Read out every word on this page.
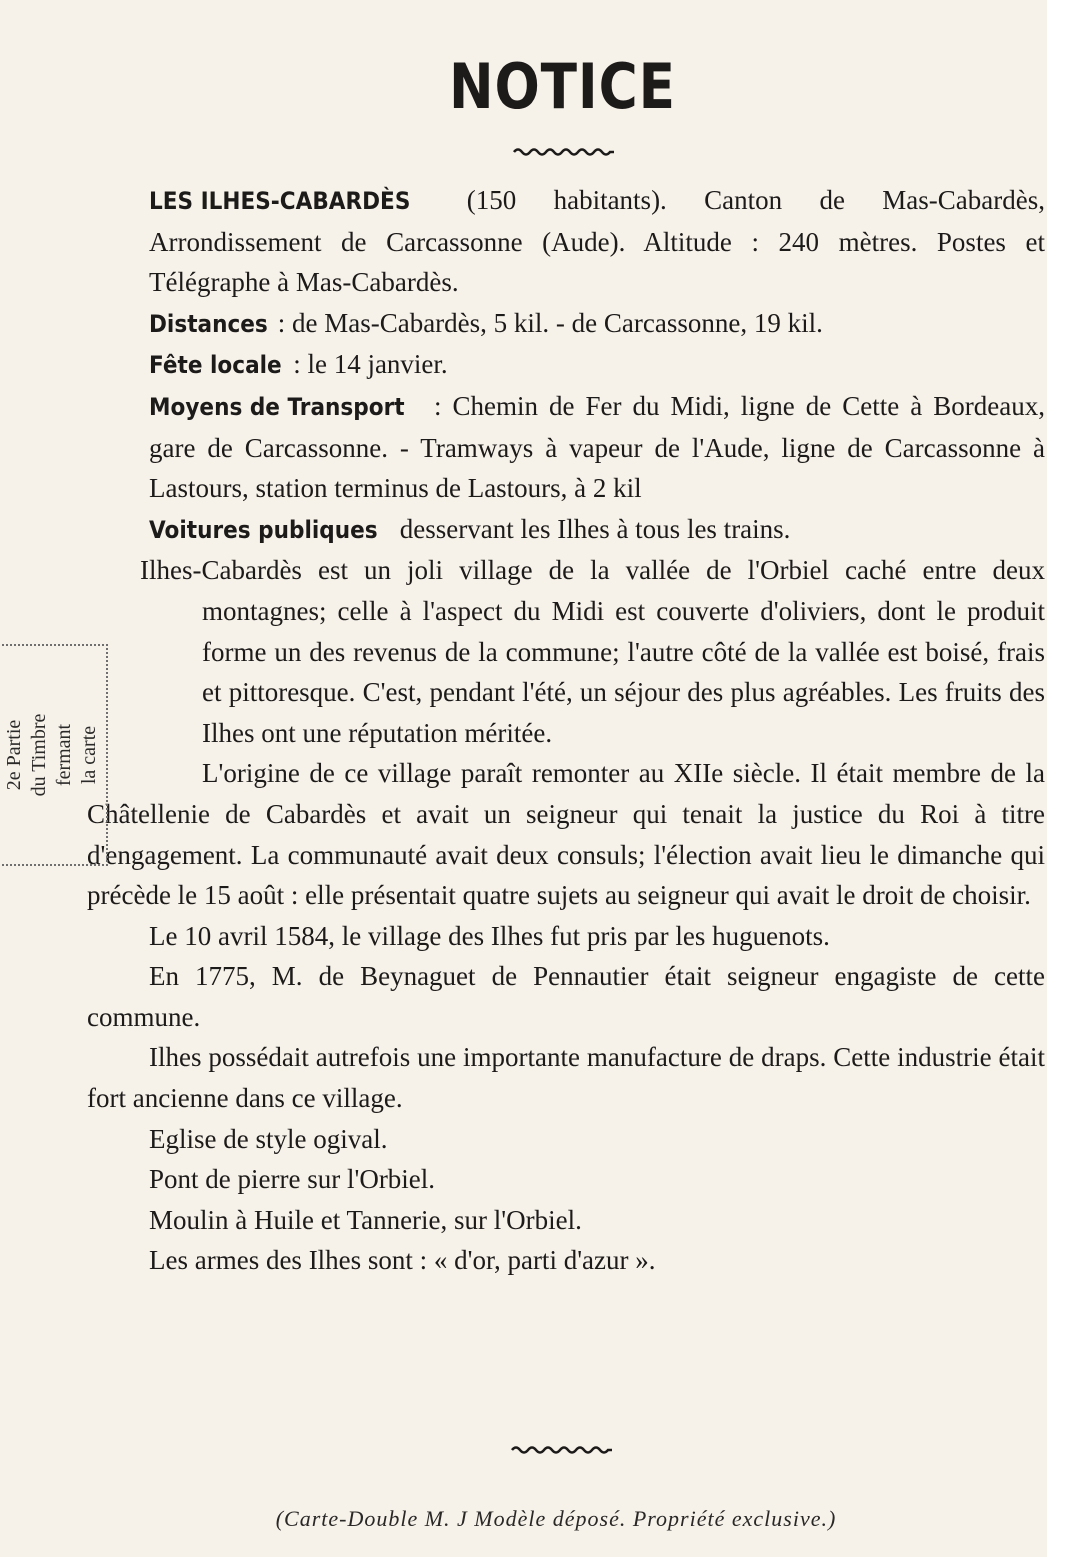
NOTICE

LES ILHES-CABARDÈS (150 habitants). Canton de Mas-Cabardès, Arrondissement de Carcassonne (Aude). Altitude : 240 mètres. Postes et Télégraphe à Mas-Cabardès.

Distances : de Mas-Cabardès, 5 kil. - de Carcassonne, 19 kil.

Fête locale : le 14 janvier.

Moyens de Transport : Chemin de Fer du Midi, ligne de Cette à Bordeaux, gare de Carcassonne. - Tramways à vapeur de l'Aude, ligne de Carcassonne à Lastours, station terminus de Lastours, à 2 kil

Voitures publiques desservant les Ilhes à tous les trains.

Ilhes-Cabardès est un joli village de la vallée de l'Orbiel caché entre deux montagnes; celle à l'aspect du Midi est couverte d'oliviers, dont le produit forme un des revenus de la commune; l'autre côté de la vallée est boisé, frais et pittoresque. C'est, pendant l'été, un séjour des plus agréables. Les fruits des Ilhes ont une réputation méritée.

L'origine de ce village paraît remonter au XIIe siècle. Il était membre de la Châtellenie de Cabardès et avait un seigneur qui tenait la justice du Roi à titre d'engagement. La communauté avait deux consuls; l'élection avait lieu le dimanche qui précède le 15 août : elle présentait quatre sujets au seigneur qui avait le droit de choisir.

Le 10 avril 1584, le village des Ilhes fut pris par les huguenots.

En 1775, M. de Beynaguet de Pennautier était seigneur engagiste de cette commune.

Ilhes possédait autrefois une importante manufacture de draps. Cette industrie était fort ancienne dans ce village.

Eglise de style ogival.

Pont de pierre sur l'Orbiel.

Moulin à Huile et Tannerie, sur l'Orbiel.

Les armes des Ilhes sont : « d'or, parti d'azur ».

2e Partie du Timbre fermant la carte
(Carte-Double M. J Modèle déposé. Propriété exclusive.)
